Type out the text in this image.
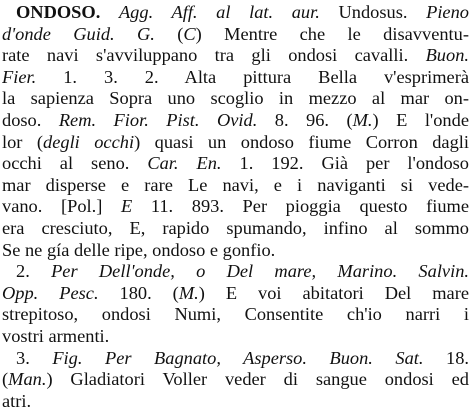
ONDOSO. Agg. Aff. al lat. aur. Undosus. Pieno
d'onde Guid. G. (C) Mentre che le disavventu-
rate navi s'avviluppano tra gli ondosi cavalli. Buon.
Fier. 1. 3. 2. Alta pittura Bella v'esprimerà
la sapienza Sopra uno scoglio in mezzo al mar on-
doso. Rem. Fior. Pist. Ovid. 8. 96. (M.) E l'onde
lor (degli occhi) quasi un ondoso fiume Corron dagli
occhi al seno. Car. En. 1. 192. Già per l'ondoso
mar disperse e rare Le navi, e i naviganti si vede-
vano. [Pol.] E 11. 893. Per pioggia questo fiume
era cresciuto, E, rapido spumando, infino al sommo
Se ne gía delle ripe, ondoso e gonfio.
2. Per Dell'onde, o Del mare, Marino. Salvin.
Opp. Pesc. 180. (M.) E voi abitatori Del mare
strepitoso, ondosi Numi, Consentite ch'io narri i
vostri armenti.
3. Fig. Per Bagnato, Asperso. Buon. Sat. 18.
(Man.) Gladiatori Voller veder di sangue ondosi ed
atri.
